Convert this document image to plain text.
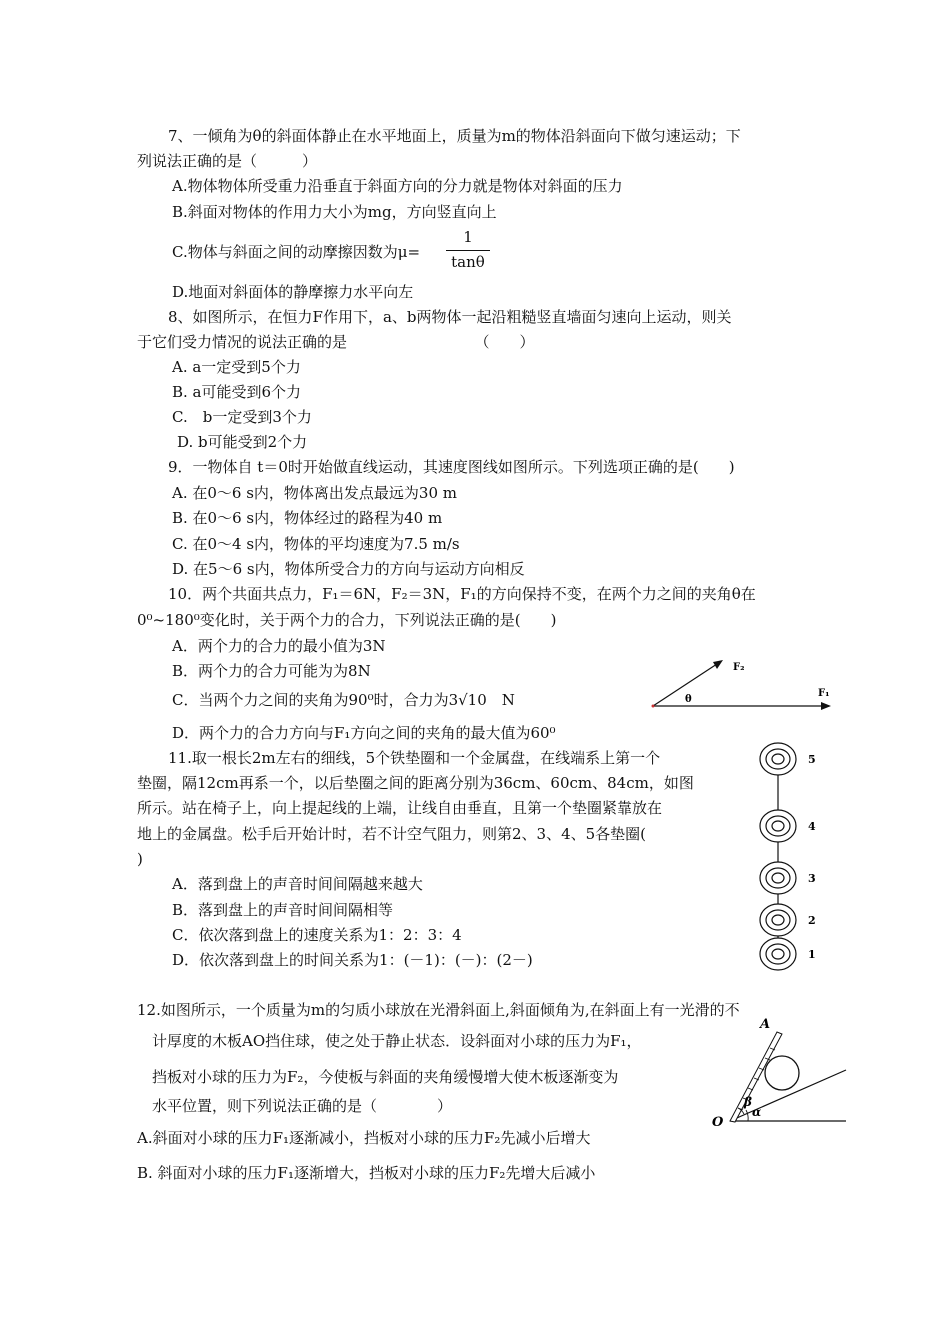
7、一倾角为θ的斜面体静止在水平地面上，质量为m的物体沿斜面向下做匀速运动；下
列说法正确的是（　　　）
A.物体物体所受重力沿垂直于斜面方向的分力就是物体对斜面的压力
B.斜面对物体的作用力大小为mg，方向竖直向上
C.物体与斜面之间的动摩擦因数为μ=
1
tanθ
D.地面对斜面体的静摩擦力水平向左
8、如图所示，在恒力F作用下，a、b两物体一起沿粗糙竖直墙面匀速向上运动，则关
于它们受力情况的说法正确的是　　　　　　　　　（　　）
A. a一定受到5个力
B. a可能受到6个力
C.　b一定受到3个力
D. b可能受到2个力
9．一物体自 t＝0时开始做直线运动，其速度图线如图所示。下列选项正确的是(　　)
A. 在0～6 s内，物体离出发点最远为30 m
B. 在0～6 s内，物体经过的路程为40 m
C. 在0～4 s内，物体的平均速度为7.5 m/s
D. 在5～6 s内，物体所受合力的方向与运动方向相反
10．两个共面共点力，F₁＝6N，F₂＝3N，F₁的方向保持不变，在两个力之间的夹角θ在
0⁰~180⁰变化时，关于两个力的合力，下列说法正确的是(　　)
A．两个力的合力的最小值为3N
B．两个力的合力可能为为8N
C．当两个力之间的夹角为90⁰时，合力为3√10　N
D．两个力的合力方向与F₁方向之间的夹角的最大值为60⁰
θ
F₂
F₁
11.取一根长2m左右的细线，5个铁垫圈和一个金属盘，在线端系上第一个
垫圈，隔12cm再系一个，以后垫圈之间的距离分别为36cm、60cm、84cm，如图
所示。站在椅子上，向上提起线的上端，让线自由垂直，且第一个垫圈紧靠放在
地上的金属盘。松手后开始计时，若不计空气阻力，则第2、3、4、5各垫圈(
)
A．落到盘上的声音时间间隔越来越大
B．落到盘上的声音时间间隔相等
C．依次落到盘上的速度关系为1：2：3：4
D．依次落到盘上的时间关系为1：(－1)：(－)：(2－)
5
4
3
2
1
12.如图所示，一个质量为m的匀质小球放在光滑斜面上,斜面倾角为,在斜面上有一光滑的不
计厚度的木板AO挡住球，使之处于静止状态．设斜面对小球的压力为F₁，
挡板对小球的压力为F₂，今使板与斜面的夹角缓慢增大使木板逐渐变为
水平位置，则下列说法正确的是（　　　　）
A.斜面对小球的压力F₁逐渐减小，挡板对小球的压力F₂先减小后增大
B. 斜面对小球的压力F₁逐渐增大，挡板对小球的压力F₂先增大后减小
A
O
α
β
